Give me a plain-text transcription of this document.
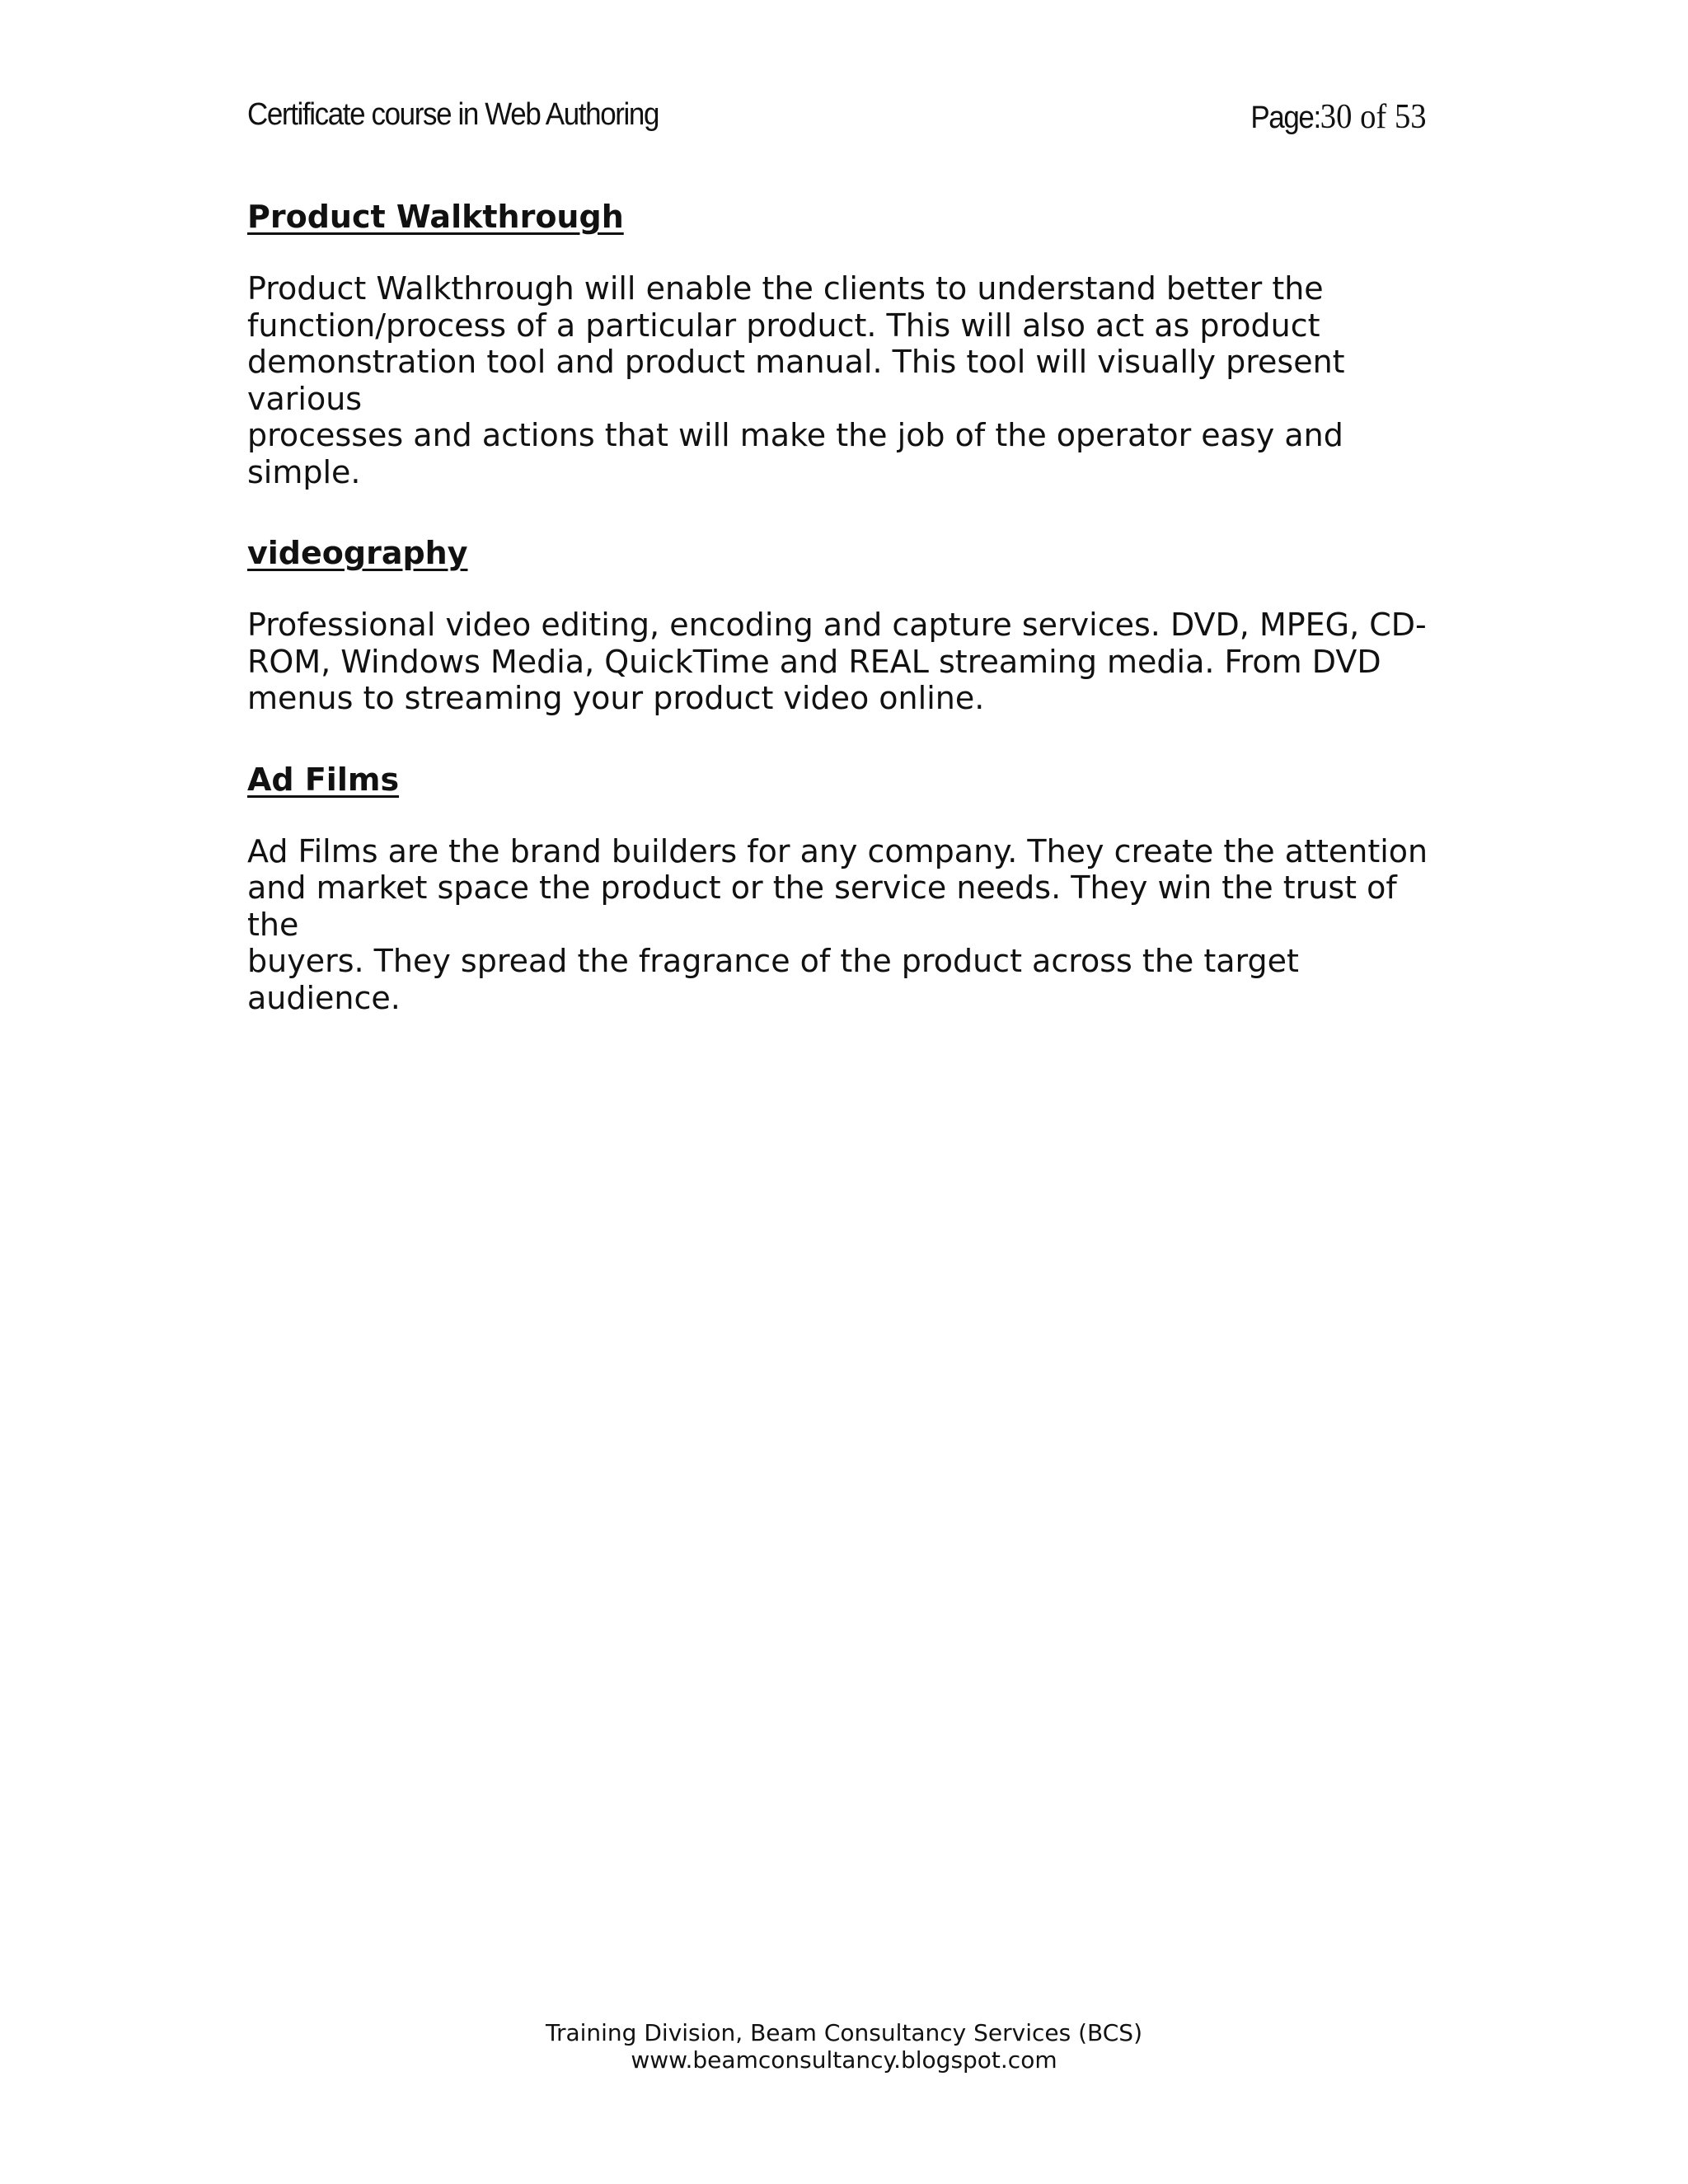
Certificate course in Web Authoring	Page:30 of 53
Product Walkthrough
Product Walkthrough will enable the clients to understand better the
function/process of a particular product. This will also act as product
demonstration tool and product manual. This tool will visually present various
processes and actions that will make the job of the operator easy and simple.
videography
Professional video editing, encoding and capture services. DVD, MPEG, CD-
ROM, Windows Media, QuickTime and REAL streaming media. From DVD
menus to streaming your product video online.
Ad Films
Ad Films are the brand builders for any company. They create the attention
and market space the product or the service needs. They win the trust of the
buyers. They spread the fragrance of the product across the target audience.
Training Division, Beam Consultancy Services (BCS)
www.beamconsultancy.blogspot.com
